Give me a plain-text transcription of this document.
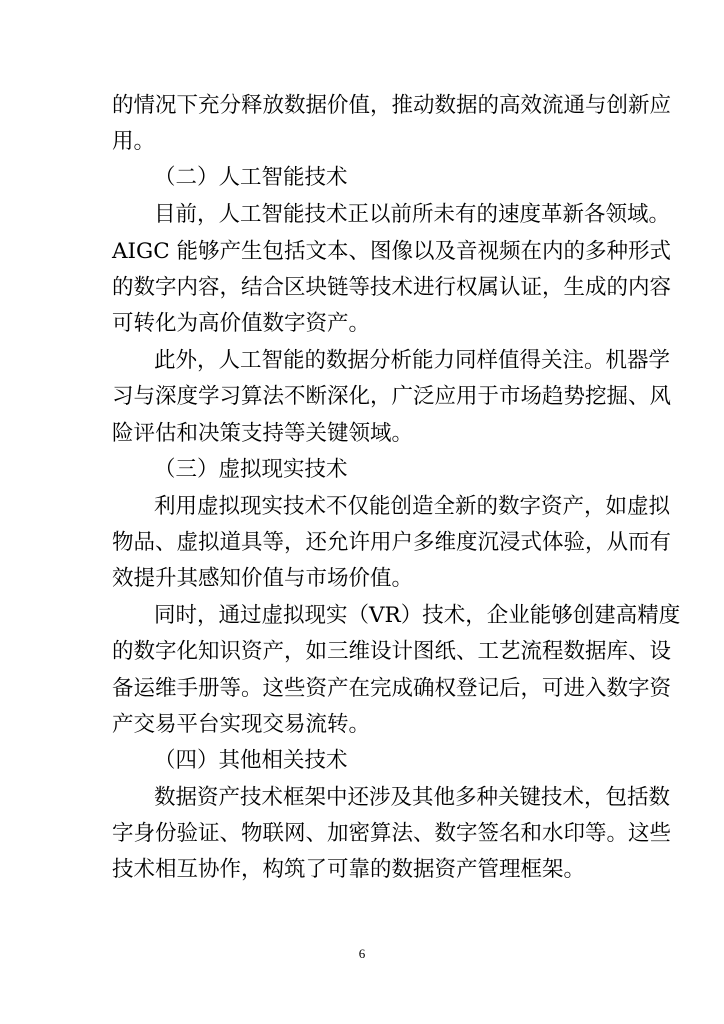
的情况下充分释放数据价值，推动数据的高效流通与创新应
用。
（二）人工智能技术
目前，人工智能技术正以前所未有的速度革新各领域。
AIGC 能够产生包括文本、图像以及音视频在内的多种形式
的数字内容，结合区块链等技术进行权属认证，生成的内容
可转化为高价值数字资产。
此外，人工智能的数据分析能力同样值得关注。机器学
习与深度学习算法不断深化，广泛应用于市场趋势挖掘、风
险评估和决策支持等关键领域。
（三）虚拟现实技术
利用虚拟现实技术不仅能创造全新的数字资产，如虚拟
物品、虚拟道具等，还允许用户多维度沉浸式体验，从而有
效提升其感知价值与市场价值。
同时，通过虚拟现实（VR）技术，企业能够创建高精度
的数字化知识资产，如三维设计图纸、工艺流程数据库、设
备运维手册等。这些资产在完成确权登记后，可进入数字资
产交易平台实现交易流转。
（四）其他相关技术
数据资产技术框架中还涉及其他多种关键技术，包括数
字身份验证、物联网、加密算法、数字签名和水印等。这些
技术相互协作，构筑了可靠的数据资产管理框架。
6
